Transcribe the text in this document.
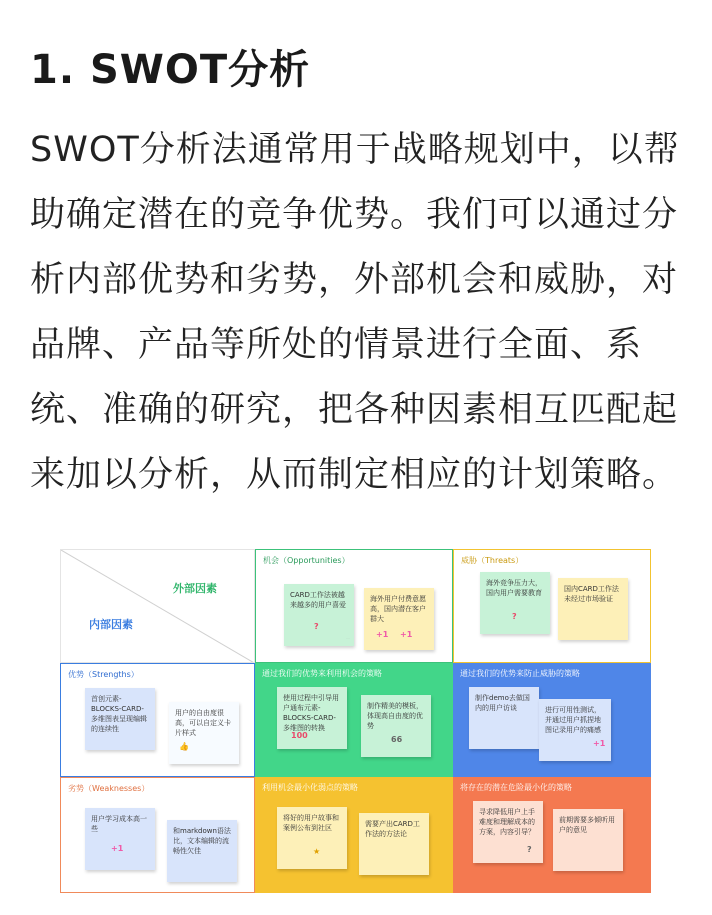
1. SWOT分析
SWOT分析法通常用于战略规划中，以帮助确定潜在的竞争优势。我们可以通过分析内部优势和劣势，外部机会和威胁，对品牌、产品等所处的情景进行全面、系统、准确的研究，把各种因素相互匹配起来加以分析，从而制定相应的计划策略。
外部因素
内部因素
机会（Opportunities）
CARD工作法被越来越多的用户喜爱
?
····
海外用户付费意愿高，国内潜在客户群大
+1 +1
威胁（Threats）
海外竞争压力大，国内用户需要教育
?
国内CARD工作法未经过市场验证
优势（Strengths）
首创元素-BLOCKS-CARD-多维图表呈现编辑的连续性
用户的自由度很高，可以自定义卡片样式
👍
通过我们的优势来利用机会的策略
使用过程中引导用户通布元素-BLOCKS-CARD-多维图的转换
100
制作精美的模板，体现高自由度的优势
66
通过我们的优势来防止威胁的策略
制作demo去做国内的用户访谈	进行可用性测试，并通过用户抓捏地图记录用户的痛感
+1
劣势（Weaknesses）
用户学习成本高一些
+1
和markdown语法比，文本编辑的流畅性欠佳
利用机会最小化弱点的策略
将好的用户故事和案例公布到社区
★
需要产出CARD工作法的方法论
将存在的潜在危险最小化的策略
寻求降低用户上手难度和理解成本的方案，内容引导？
?
前期需要多倾听用户的意见
